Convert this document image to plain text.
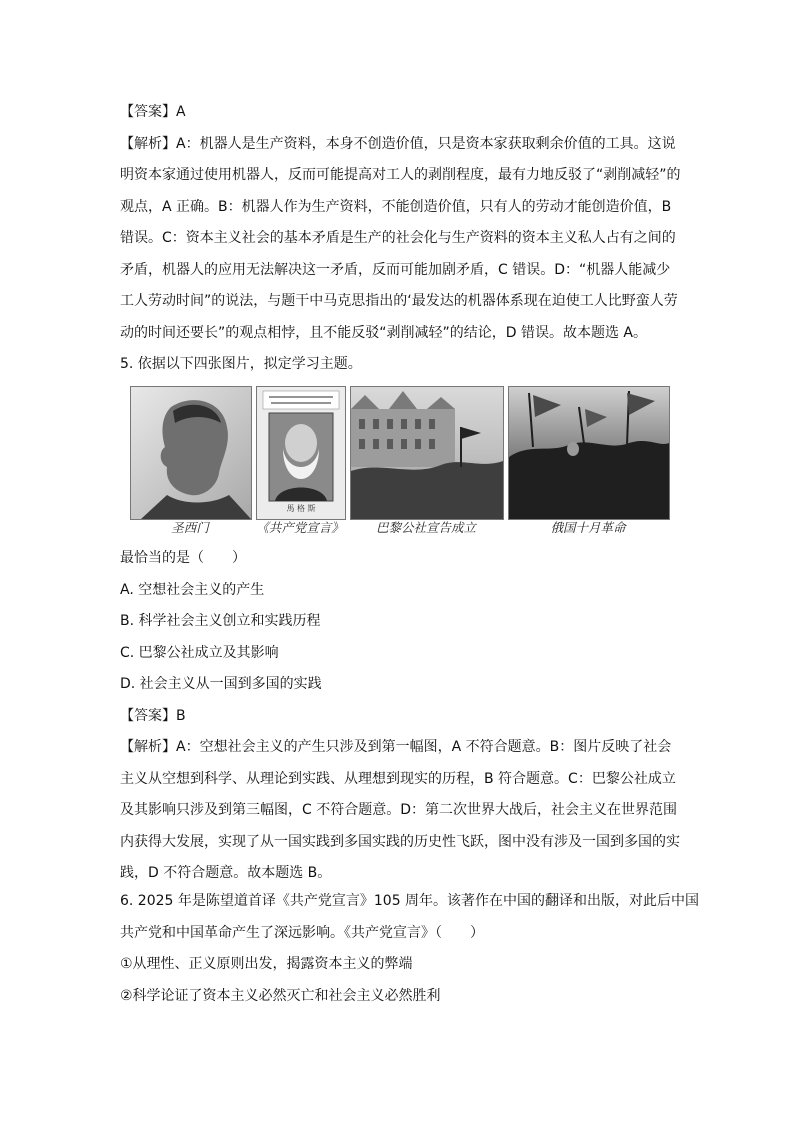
【答案】A
【解析】A：机器人是生产资料，本身不创造价值，只是资本家获取剩余价值的工具。这说
明资本家通过使用机器人，反而可能提高对工人的剥削程度，最有力地反驳了“剥削减轻”的
观点，A 正确。B：机器人作为生产资料，不能创造价值，只有人的劳动才能创造价值，B
错误。C：资本主义社会的基本矛盾是生产的社会化与生产资料的资本主义私人占有之间的
矛盾，机器人的应用无法解决这一矛盾，反而可能加剧矛盾，C 错误。D：“机器人能减少
工人劳动时间”的说法，与题干中马克思指出的‘最发达的机器体系现在迫使工人比野蛮人劳
动的时间还要长”的观点相悖，且不能反驳“剥削减轻”的结论，D 错误。故本题选 A。
5. 依据以下四张图片，拟定学习主题。
圣西门
馬 格 斯
《共产党宣言》	巴黎公社宣告成立	俄国十月革命
最恰当的是（　　）
A. 空想社会主义的产生
B. 科学社会主义创立和实践历程
C. 巴黎公社成立及其影响
D. 社会主义从一国到多国的实践
【答案】B
【解析】A：空想社会主义的产生只涉及到第一幅图，A 不符合题意。B：图片反映了社会
主义从空想到科学、从理论到实践、从理想到现实的历程，B 符合题意。C：巴黎公社成立
及其影响只涉及到第三幅图，C 不符合题意。D：第二次世界大战后，社会主义在世界范围
内获得大发展，实现了从一国实践到多国实践的历史性飞跃，图中没有涉及一国到多国的实
践，D 不符合题意。故本题选 B。
6. 2025 年是陈望道首译《共产党宣言》105 周年。该著作在中国的翻译和出版，对此后中国
共产党和中国革命产生了深远影响。《共产党宣言》（　　）
①从理性、正义原则出发，揭露资本主义的弊端
②科学论证了资本主义必然灭亡和社会主义必然胜利
